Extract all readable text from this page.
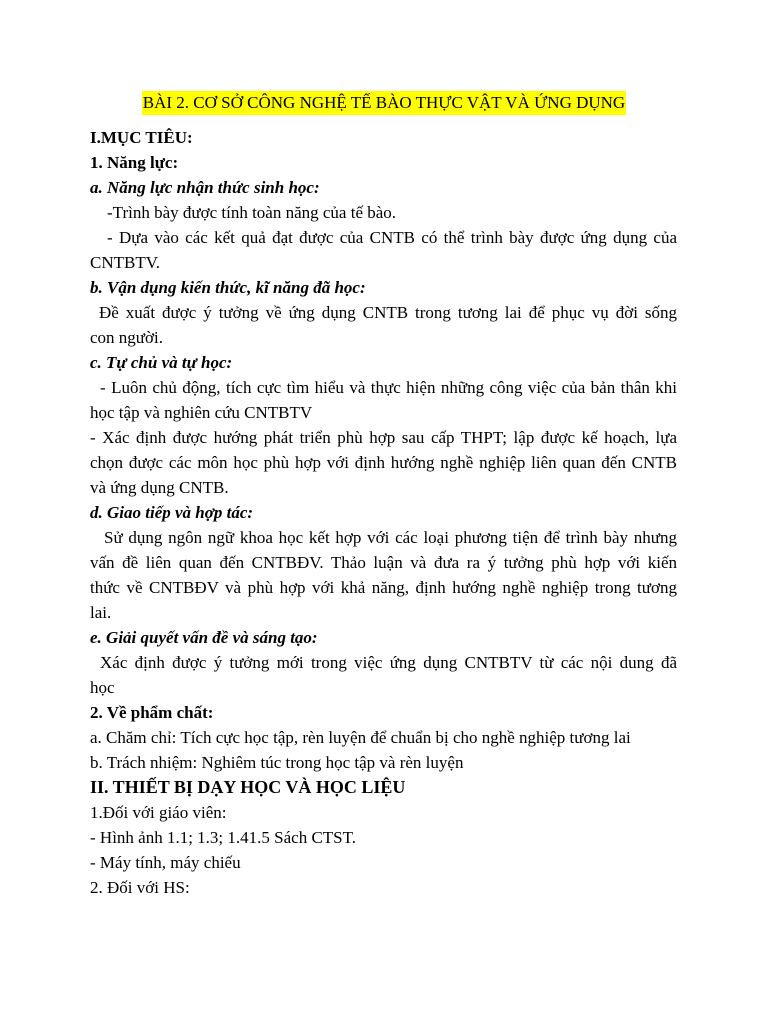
BÀI 2. CƠ SỞ CÔNG NGHỆ TẾ BÀO THỰC VẬT VÀ ỨNG DỤNG
I.MỤC TIÊU:
1. Năng lực:
a. Năng lực nhận thức sinh học:
-Trình bày được tính toàn năng của tế bào.
- Dựa vào các kết quả đạt được của CNTB có thể trình bày được ứng dụng của
CNTBTV.
b. Vận dụng kiến thức, kĩ năng đã học:
Đề xuất được ý tưởng về ứng dụng CNTB trong tương lai để phục vụ đời sống
con người.
c. Tự chủ và tự học:
- Luôn chủ động, tích cực tìm hiểu và thực hiện những công việc của bản thân khi
học tập và nghiên cứu CNTBTV
- Xác định được hướng phát triển phù hợp sau cấp THPT; lập được kế hoạch, lựa
chọn được các môn học phù hợp với định hướng nghề nghiệp liên quan đến CNTB
và ứng dụng CNTB.
d. Giao tiếp và hợp tác:
Sử dụng ngôn ngữ khoa học kết hợp với các loại phương tiện để trình bày nhưng
vấn đề liên quan đến CNTBĐV. Thảo luận và đưa ra ý tưởng phù hợp với kiến
thức về CNTBĐV và phù hợp với khả năng, định hướng nghề nghiệp trong tương
lai.
e. Giải quyết vấn đề và sáng tạo:
Xác định được ý tưởng mới trong việc ứng dụng CNTBTV từ các nội dung đã
học
2. Về phẩm chất:
a. Chăm chỉ: Tích cực học tập, rèn luyện để chuẩn bị cho nghề nghiệp tương lai
b. Trách nhiệm: Nghiêm túc trong học tập và rèn luyện
II. THIẾT BỊ DẠY HỌC VÀ HỌC LIỆU
1.Đối với giáo viên:
- Hình ảnh 1.1; 1.3; 1.41.5 Sách CTST.
- Máy tính, máy chiếu
2. Đối với HS:
